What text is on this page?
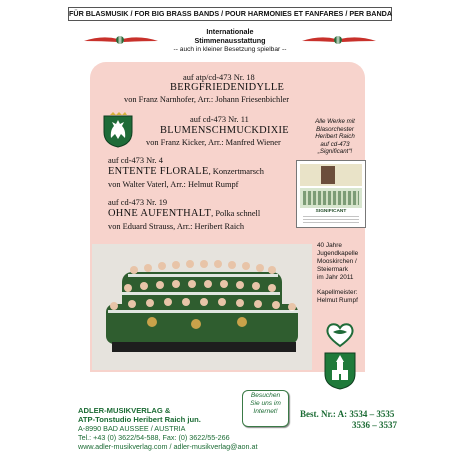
FÜR BLASMUSIK / FOR BIG BRASS BANDS / POUR HARMONIES ET FANFARES / PER BANDA
Internationale
Stimmenausstattung
-- auch in kleiner Besetzung spielbar --
auf atp/cd-473 Nr. 18
BERGFRIEDENIDYLLE
von Franz Narnhofer, Arr.: Johann Friesenbichler
auf cd-473 Nr. 11
BLUMENSCHMUCKDIXIE
von Franz Kicker, Arr.: Manfred Wiener
Alle Werke mit
Blasorchester
Heribert Raich
auf cd-473
„Significant“!
SIGNIFICANT
auf cd-473 Nr. 4
ENTENTE FLORALE, Konzertmarsch
von Walter Vaterl, Arr.: Helmut Rumpf
auf cd-473 Nr. 19
OHNE AUFENTHALT, Polka schnell
von Eduard Strauss, Arr.: Heribert Raich
40 Jahre
Jugendkapelle
Mooskirchen /
Steiermark
im Jahr 2011
Kapellmeister:
Helmut Rumpf
ADLER-MUSIKVERLAG &
ATP-Tonstudio Heribert Raich jun.
A-8990 BAD AUSSEE / AUSTRIA
Tel.: +43 (0) 3622/54-588, Fax: (0) 3622/55-266
www.adler-musikverlag.com / adler-musikverlag@aon.at
Besuchen
Sie uns im
Internet!	Best. Nr.: A: 3534 – 3535
3536 – 3537
